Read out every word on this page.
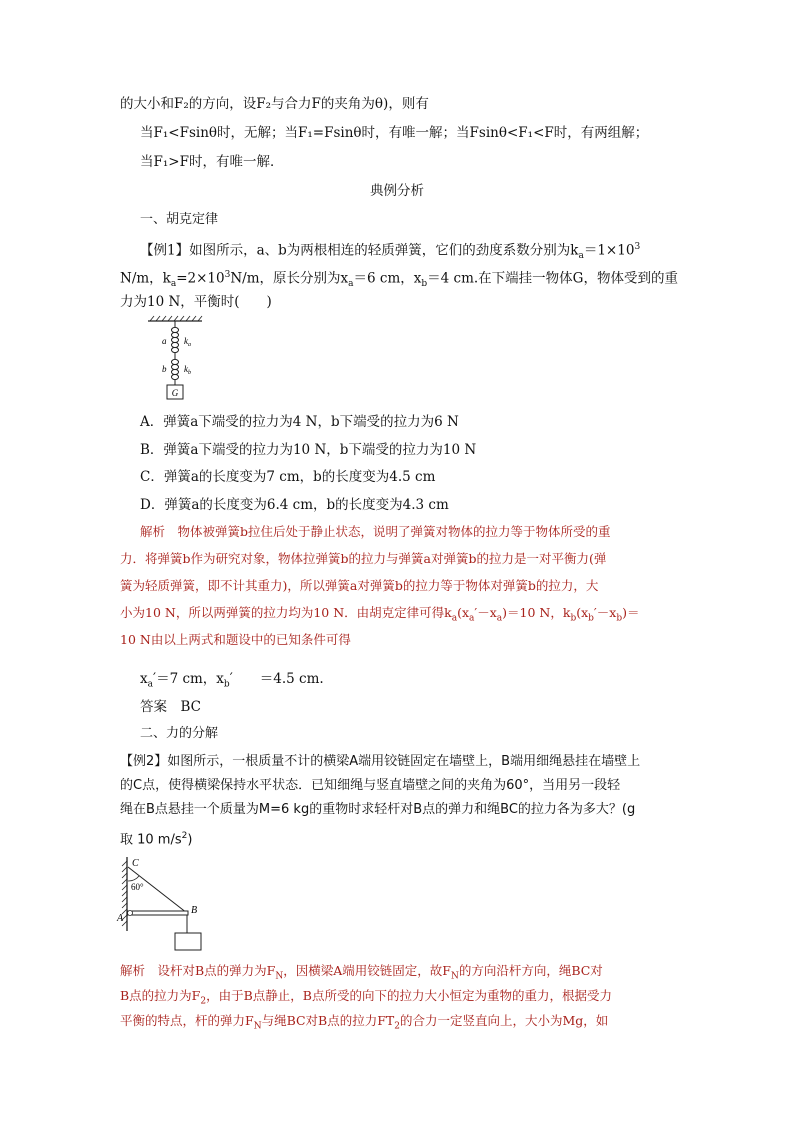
的大小和F₂的方向，设F₂与合力F的夹角为θ)，则有
当F₁<Fsinθ时，无解；当F₁=Fsinθ时，有唯一解；当Fsinθ<F₁<F时，有两组解；
当F₁>F时，有唯一解．
典例分析
一、胡克定律
【例1】如图所示，a、b为两根相连的轻质弹簧，它们的劲度系数分别为$k_a=1\times 10^3$
N/m，$k_a=2\times 10^3N/m$，原长分别为$x_a=6$ cm，$x_b=4$ cm.在下端挂一物体G，物体受到的重
力为10 N，平衡时(　　)
G
a
b
$k_a$
$k_b$
A．弹簧a下端受的拉力为4 N，b下端受的拉力为6 N
B．弹簧a下端受的拉力为10 N，b下端受的拉力为10 N
C．弹簧a的长度变为7 cm，b的长度变为4.5 cm
D．弹簧a的长度变为6.4 cm，b的长度变为4.3 cm
解析　物体被弹簧b拉住后处于静止状态，说明了弹簧对物体的拉力等于物体所受的重
力．将弹簧b作为研究对象，物体拉弹簧b的拉力与弹簧a对弹簧b的拉力是一对平衡力(弹
簧为轻质弹簧，即不计其重力)，所以弹簧a对弹簧b的拉力等于物体对弹簧b的拉力，大
小为10 N，所以两弹簧的拉力均为10 N．由胡克定律可得$k_a(x_a'-x_a)=10$ N，$k_b(x_b'-x_b)=$
10 N由以上两式和题设中的已知条件可得
$x_a'=7$ cm，$x_b'$　　＝4.5 cm.
答案　BC
二、力的分解
【例2】如图所示，一根质量不计的横梁A端用铰链固定在墙壁上，B端用细绳悬挂在墙壁上
的C点，使得横梁保持水平状态．已知细绳与竖直墙壁之间的夹角为60°，当用另一段轻
绳在B点悬挂一个质量为M=6 kg的重物时求轻杆对B点的弹力和绳BC的拉力各为多大？(g
取 10 $m/s^2$)
C
60°
A
B
解析　设杆对B点的弹力为$F_N$，因横梁A端用铰链固定，故$F_N$的方向沿杆方向，绳BC对
B点的拉力为$F_2$，由于B点静止，B点所受的向下的拉力大小恒定为重物的重力，根据受力
平衡的特点，杆的弹力$F_N$与绳BC对B点的拉力$FT_2$的合力一定竖直向上，大小为Mg，如
